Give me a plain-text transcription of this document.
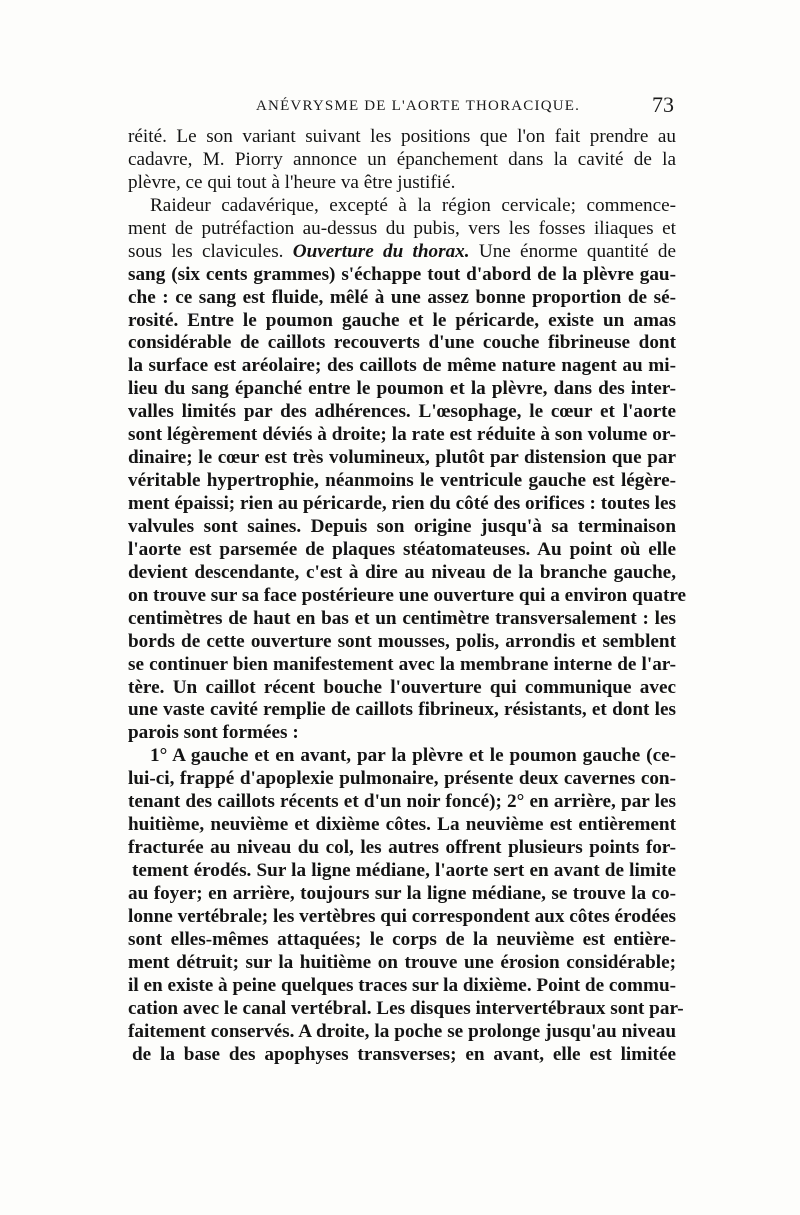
ANÉVRYSME DE L'AORTE THORACIQUE.	73
réité. Le son variant suivant les positions que l'on fait prendre au
cadavre, M. Piorry annonce un épanchement dans la cavité de la
plèvre, ce qui tout à l'heure va être justifié.
Raideur cadavérique, excepté à la région cervicale; commence-
ment de putréfaction au-dessus du pubis, vers les fosses iliaques et
sous les clavicules. Ouverture du thorax. Une énorme quantité de
sang (six cents grammes) s'échappe tout d'abord de la plèvre gau-
che : ce sang est fluide, mêlé à une assez bonne proportion de sé-
rosité. Entre le poumon gauche et le péricarde, existe un amas
considérable de caillots recouverts d'une couche fibrineuse dont
la surface est aréolaire; des caillots de même nature nagent au mi-
lieu du sang épanché entre le poumon et la plèvre, dans des inter-
valles limités par des adhérences. L'œsophage, le cœur et l'aorte
sont légèrement déviés à droite; la rate est réduite à son volume or-
dinaire; le cœur est très volumineux, plutôt par distension que par
véritable hypertrophie, néanmoins le ventricule gauche est légère-
ment épaissi; rien au péricarde, rien du côté des orifices : toutes les
valvules sont saines. Depuis son origine jusqu'à sa terminaison
l'aorte est parsemée de plaques stéatomateuses. Au point où elle
devient descendante, c'est à dire au niveau de la branche gauche,
on trouve sur sa face postérieure une ouverture qui a environ quatre
centimètres de haut en bas et un centimètre transversalement : les
bords de cette ouverture sont mousses, polis, arrondis et semblent
se continuer bien manifestement avec la membrane interne de l'ar-
tère. Un caillot récent bouche l'ouverture qui communique avec
une vaste cavité remplie de caillots fibrineux, résistants, et dont les
parois sont formées :
1° A gauche et en avant, par la plèvre et le poumon gauche (ce-
lui-ci, frappé d'apoplexie pulmonaire, présente deux cavernes con-
tenant des caillots récents et d'un noir foncé); 2° en arrière, par les
huitième, neuvième et dixième côtes. La neuvième est entièrement
fracturée au niveau du col, les autres offrent plusieurs points for-
tement érodés. Sur la ligne médiane, l'aorte sert en avant de limite
au foyer; en arrière, toujours sur la ligne médiane, se trouve la co-
lonne vertébrale; les vertèbres qui correspondent aux côtes érodées
sont elles-mêmes attaquées; le corps de la neuvième est entière-
ment détruit; sur la huitième on trouve une érosion considérable;
il en existe à peine quelques traces sur la dixième. Point de commu-
cation avec le canal vertébral. Les disques intervertébraux sont par-
faitement conservés. A droite, la poche se prolonge jusqu'au niveau
de la base des apophyses transverses; en avant, elle est limitée
